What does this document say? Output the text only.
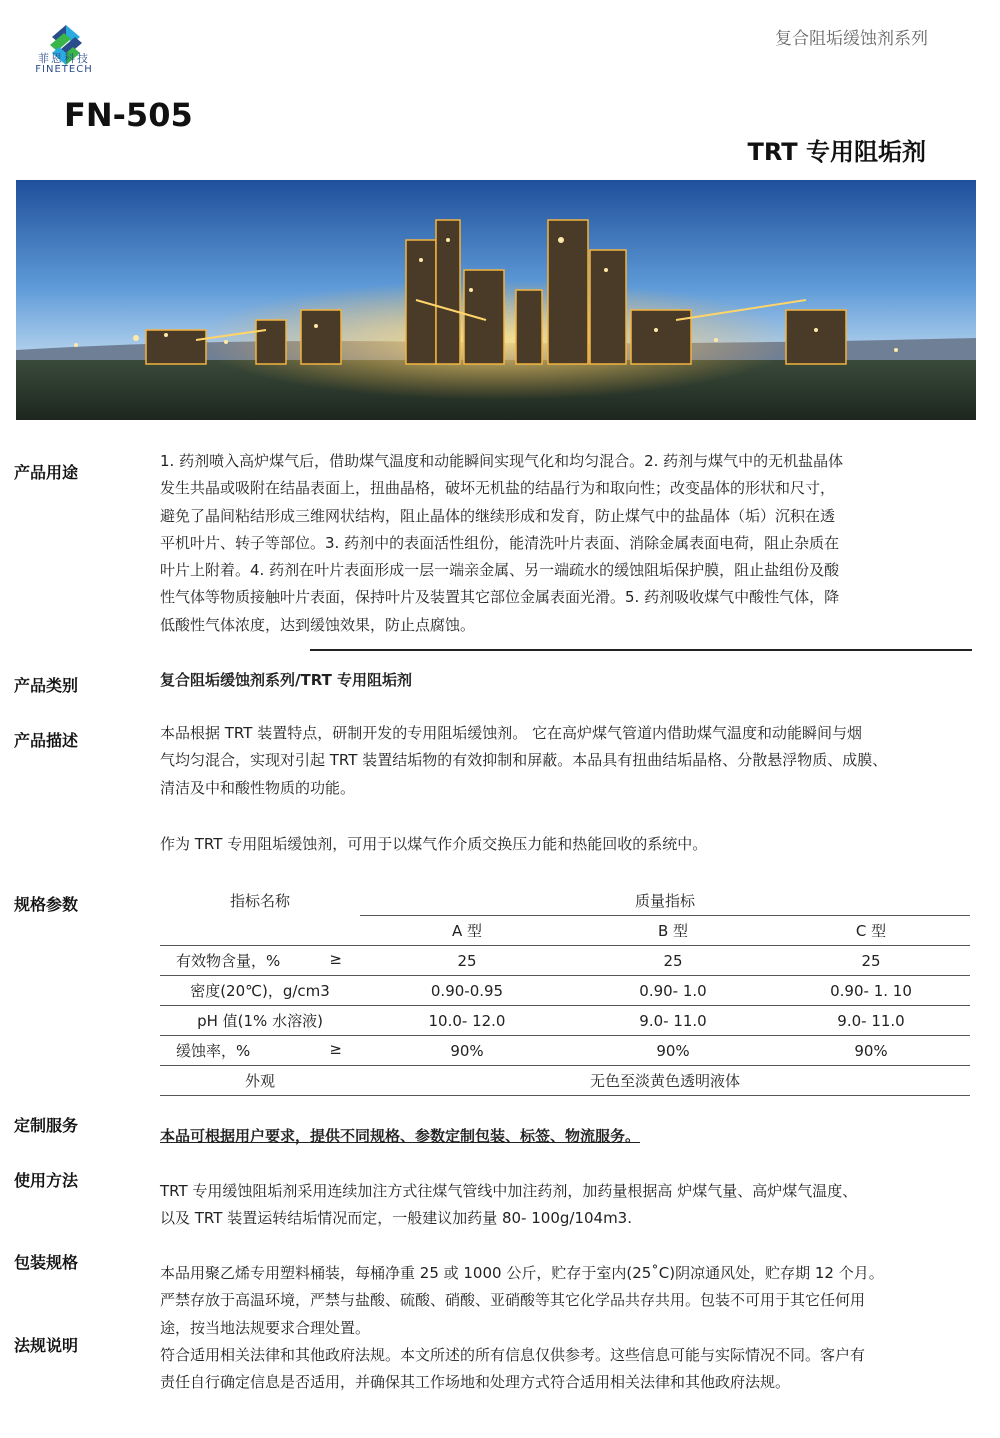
菲恩科技
FINETECH
复合阻垢缓蚀剂系列
FN-505
TRT 专用阻垢剂
产品用途
1. 药剂喷入高炉煤气后，借助煤气温度和动能瞬间实现气化和均匀混合。2. 药剂与煤气中的无机盐晶体
发生共晶或吸附在结晶表面上，扭曲晶格，破坏无机盐的结晶行为和取向性；改变晶体的形状和尺寸，
避免了晶间粘结形成三维网状结构，阻止晶体的继续形成和发育，防止煤气中的盐晶体（垢）沉积在透
平机叶片、转子等部位。3. 药剂中的表面活性组份，能清洗叶片表面、消除金属表面电荷，阻止杂质在
叶片上附着。4. 药剂在叶片表面形成一层一端亲金属、另一端疏水的缓蚀阻垢保护膜，阻止盐组份及酸
性气体等物质接触叶片表面，保持叶片及装置其它部位金属表面光滑。5. 药剂吸收煤气中酸性气体，降
低酸性气体浓度，达到缓蚀效果，防止点腐蚀。
产品类别	复合阻垢缓蚀剂系列/TRT 专用阻垢剂
产品描述	本品根据 TRT 装置特点，研制开发的专用阻垢缓蚀剂。 它在高炉煤气管道内借助煤气温度和动能瞬间与烟
气均匀混合，实现对引起 TRT 装置结垢物的有效抑制和屏蔽。本品具有扭曲结垢晶格、分散悬浮物质、成膜、
清洁及中和酸性物质的功能。
作为 TRT 专用阻垢缓蚀剂，可用于以煤气作介质交换压力能和热能回收的系统中。
规格参数	指标名称	质量指标		
	A 型	B 型	C 型
有效物含量，% ≥	25	25	25
密度(20℃)，g/cm3	0.90-0.95	0.90- 1.0	0.90- 1. 10
pH 值(1% 水溶液)	10.0- 12.0	9.0- 11.0	9.0- 11.0
缓蚀率，% ≥	90%	90%	90%
外观	无色至淡黄色透明液体		
定制服务
本品可根据用户要求，提供不同规格、参数定制包装、标签、物流服务。
使用方法
TRT 专用缓蚀阻垢剂采用连续加注方式往煤气管线中加注药剂，加药量根据高 炉煤气量、高炉煤气温度、
以及 TRT 装置运转结垢情况而定，一般建议加药量 80- 100g/104m3.
包装规格
本品用聚乙烯专用塑料桶装，每桶净重 25 或 1000 公斤，贮存于室内(25˚C)阴凉通风处，贮存期 12 个月。
严禁存放于高温环境，严禁与盐酸、硫酸、硝酸、亚硝酸等其它化学品共存共用。包装不可用于其它任何用
途，按当地法规要求合理处置。
法规说明	符合适用相关法律和其他政府法规。本文所述的所有信息仅供参考。这些信息可能与实际情况不同。客户有
责任自行确定信息是否适用，并确保其工作场地和处理方式符合适用相关法律和其他政府法规。
